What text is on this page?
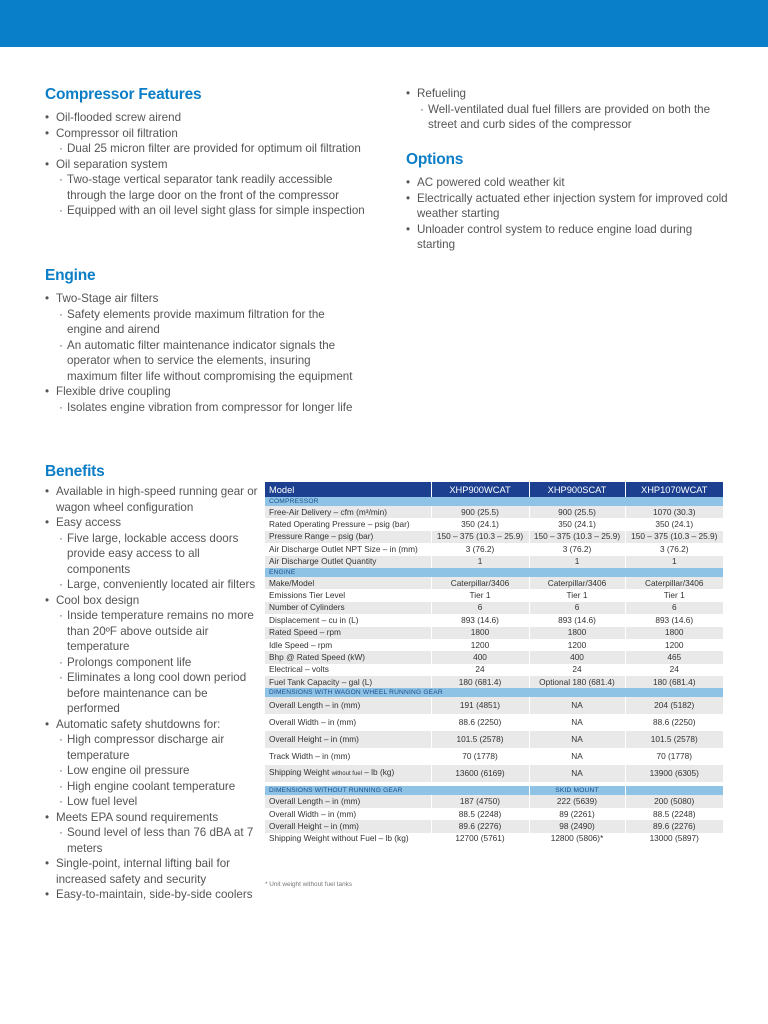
Compressor Features
• Oil-flooded screw airend
• Compressor oil filtration
· Dual 25 micron filter are provided for optimum oil filtration
• Oil separation system
· Two-stage vertical separator tank readily accessible through the large door on the front of the compressor
· Equipped with an oil level sight glass for simple inspection
• Refueling
· Well-ventilated dual fuel fillers are provided on both the street and curb sides of the compressor
Options
• AC powered cold weather kit
• Electrically actuated ether injection system for improved cold weather starting
• Unloader control system to reduce engine load during starting
Engine
• Two-Stage air filters
· Safety elements provide maximum filtration for the engine and airend
· An automatic filter maintenance indicator signals the operator when to service the elements, insuring maximum filter life without compromising the equipment
• Flexible drive coupling
· Isolates engine vibration from compressor for longer life
Benefits
• Available in high-speed running gear or wagon wheel configuration
• Easy access
· Five large, lockable access doors provide easy access to all components
· Large, conveniently located air filters
• Cool box design
· Inside temperature remains no more than 20ºF above outside air temperature
· Prolongs component life
· Eliminates a long cool down period before maintenance can be performed
• Automatic safety shutdowns for:
· High compressor discharge air temperature
· Low engine oil pressure
· High engine coolant temperature
· Low fuel level
• Meets EPA sound requirements
· Sound level of less than 76 dBA at 7 meters
• Single-point, internal lifting bail for increased safety and security
• Easy-to-maintain, side-by-side coolers
Model	XHP900WCAT	XHP900SCAT	XHP1070WCAT
COMPRESSOR			
Free-Air Delivery – cfm (m³/min)	900 (25.5)	900 (25.5)	1070 (30.3)
Rated Operating Pressure – psig (bar)	350 (24.1)	350 (24.1)	350 (24.1)
Pressure Range – psig (bar)	150 – 375 (10.3 – 25.9)	150 – 375 (10.3 – 25.9)	150 – 375 (10.3 – 25.9)
Air Discharge Outlet NPT Size – in (mm)	3 (76.2)	3 (76.2)	3 (76.2)
Air Discharge Outlet Quantity	1	1	1
ENGINE			
Make/Model	Caterpillar/3406	Caterpillar/3406	Caterpillar/3406
Emissions Tier Level	Tier 1	Tier 1	Tier 1
Number of Cylinders	6	6	6
Displacement – cu in (L)	893 (14.6)	893 (14.6)	893 (14.6)
Rated Speed – rpm	1800	1800	1800
Idle Speed – rpm	1200	1200	1200
Bhp @ Rated Speed (kW)	400	400	465
Electrical – volts	24	24	24
Fuel Tank Capacity – gal (L)	180 (681.4)	Optional 180 (681.4)	180 (681.4)
DIMENSIONS WITH WAGON WHEEL RUNNING GEAR			
Overall Length – in (mm)	191 (4851)	NA	204 (5182)
Overall Width – in (mm)	88.6 (2250)	NA	88.6 (2250)
Overall Height – in (mm)	101.5 (2578)	NA	101.5 (2578)
Track Width – in (mm)	70 (1778)	NA	70 (1778)
Shipping Weight without fuel – lb (kg)	13600 (6169)	NA	13900 (6305)

DIMENSIONS WITHOUT RUNNING GEAR		SKID MOUNT	
Overall Length – in (mm)	187 (4750)	222 (5639)	200 (5080)
Overall Width – in (mm)	88.5 (2248)	89 (2261)	88.5 (2248)
Overall Height – in (mm)	89.6 (2276)	98 (2490)	89.6 (2276)
Shipping Weight without Fuel – lb (kg)	12700 (5761)	12800 (5806)*	13000 (5897)
* Unit weight without fuel tanks
